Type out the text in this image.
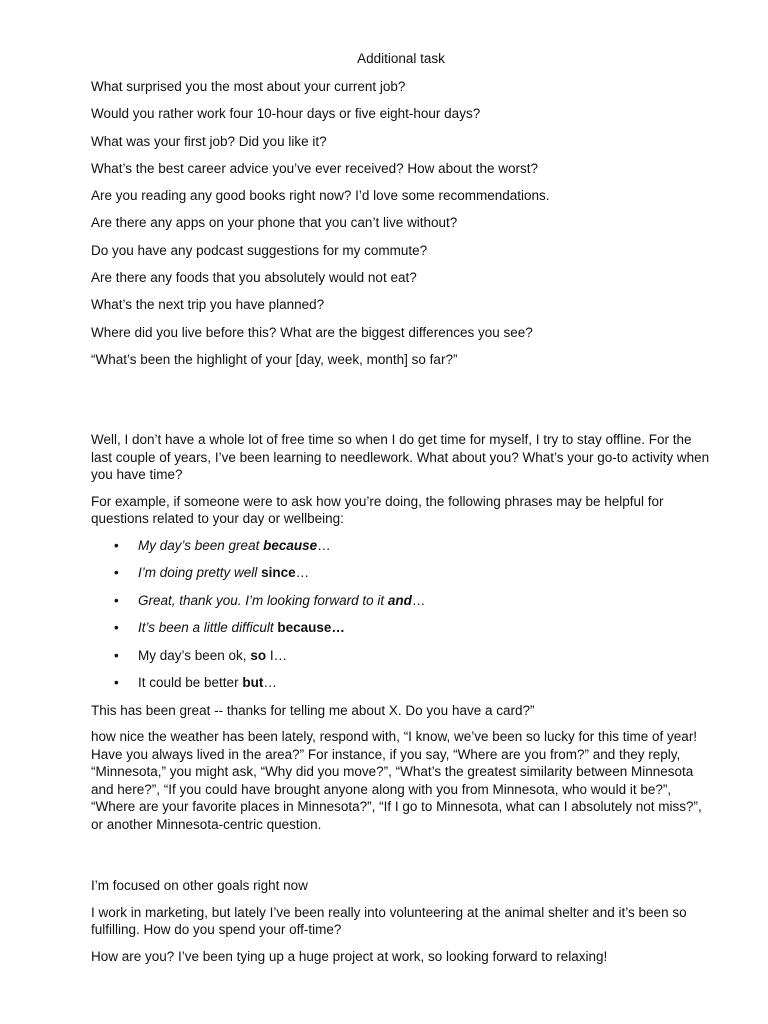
Additional task

What surprised you the most about your current job?

Would you rather work four 10-hour days or five eight-hour days?

What was your first job? Did you like it?

What’s the best career advice you’ve ever received? How about the worst?

Are you reading any good books right now? I’d love some recommendations.

Are there any apps on your phone that you can’t live without?

Do you have any podcast suggestions for my commute?

Are there any foods that you absolutely would not eat?

What’s the next trip you have planned?

Where did you live before this? What are the biggest differences you see?

“What’s been the highlight of your [day, week, month] so far?”

Well, I don’t have a whole lot of free time so when I do get time for myself, I try to stay offline. For the last couple of years, I’ve been learning to needlework. What about you? What’s your go-to activity when you have time?

For example, if someone were to ask how you’re doing, the following phrases may be helpful for questions related to your day or wellbeing:

• My day’s been great because…
• I’m doing pretty well since…
• Great, thank you. I’m looking forward to it and…
• It’s been a little difficult because…
• My day’s been ok, so I…
• It could be better but…

This has been great -- thanks for telling me about X. Do you have a card?”

how nice the weather has been lately, respond with, “I know, we’ve been so lucky for this time of year! Have you always lived in the area?” For instance, if you say, “Where are you from?” and they reply, “Minnesota,” you might ask, “Why did you move?”, “What’s the greatest similarity between Minnesota and here?”, “If you could have brought anyone along with you from Minnesota, who would it be?”, “Where are your favorite places in Minnesota?”, “If I go to Minnesota, what can I absolutely not miss?”, or another Minnesota-centric question.

I’m focused on other goals right now

I work in marketing, but lately I’ve been really into volunteering at the animal shelter and it’s been so fulfilling. How do you spend your off-time?

How are you? I’ve been tying up a huge project at work, so looking forward to relaxing!
